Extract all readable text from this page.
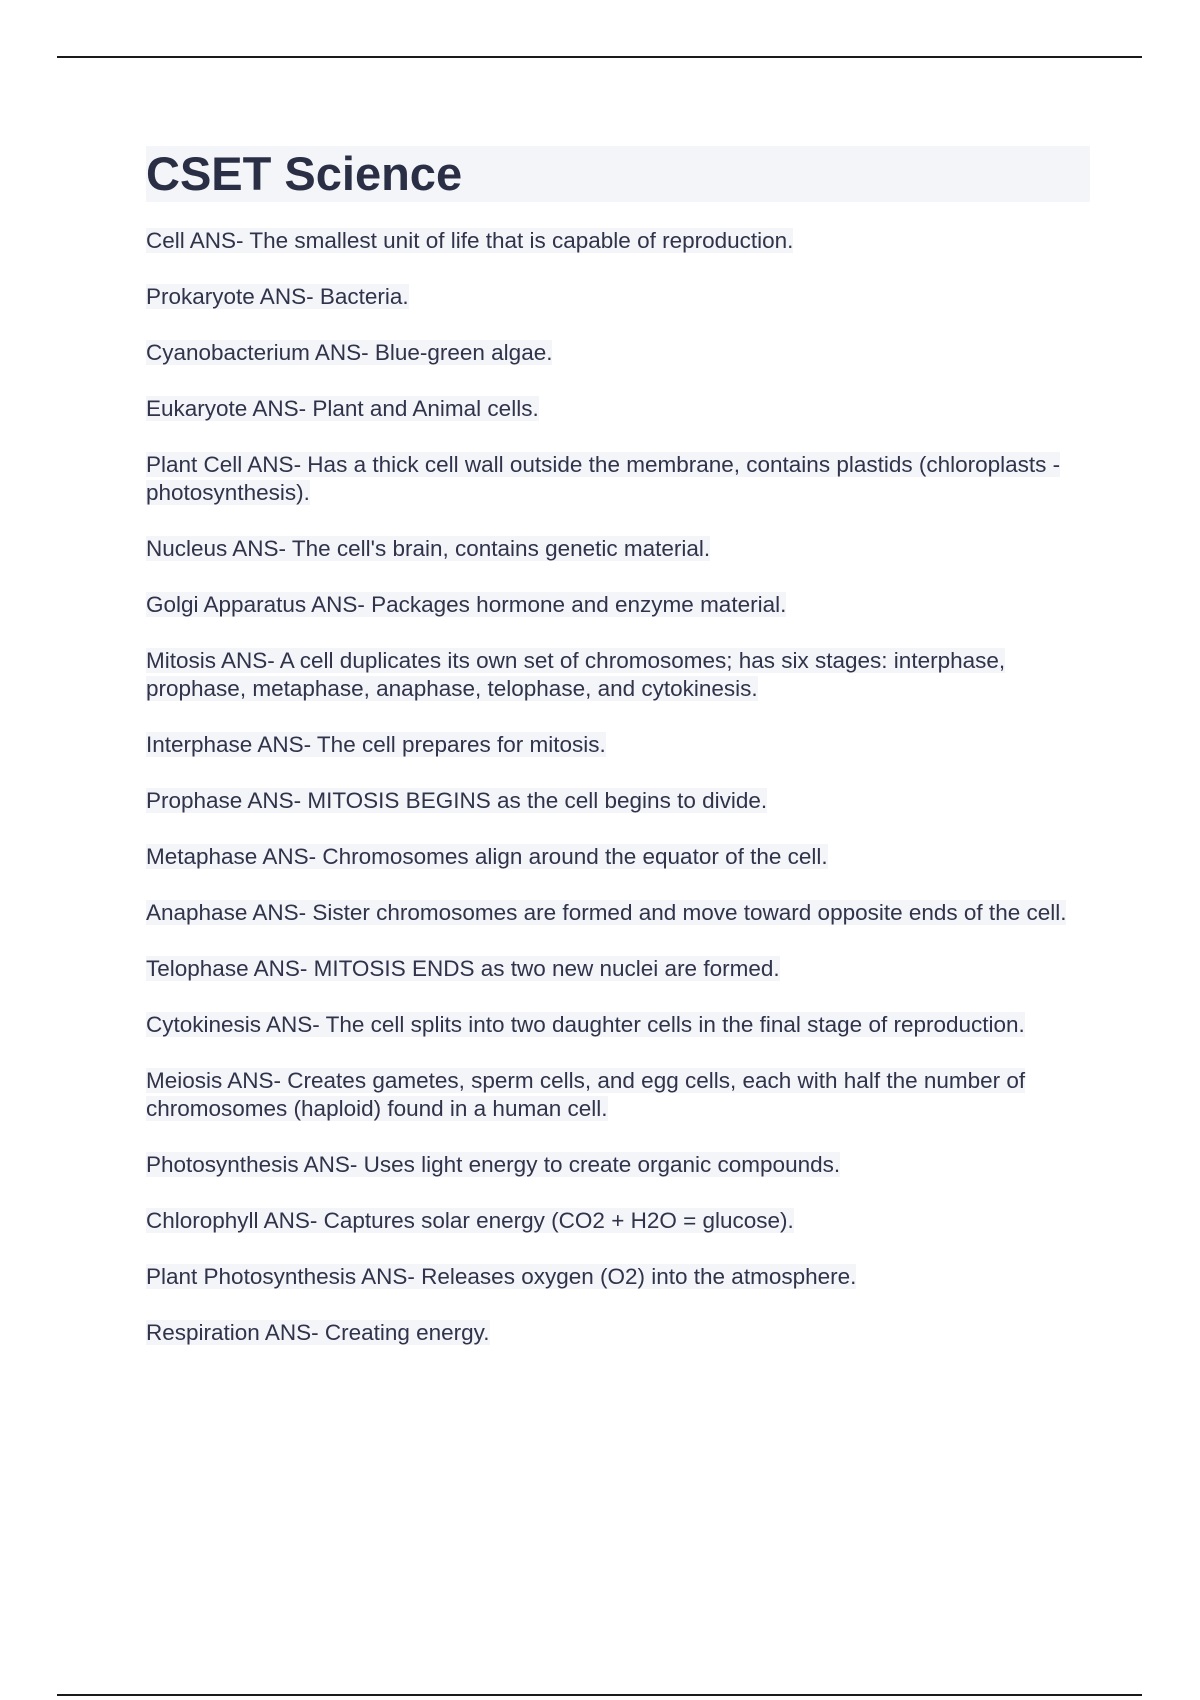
CSET Science

Cell ANS- The smallest unit of life that is capable of reproduction.

Prokaryote ANS- Bacteria.

Cyanobacterium ANS- Blue-green algae.

Eukaryote ANS- Plant and Animal cells.

Plant Cell ANS- Has a thick cell wall outside the membrane, contains plastids (chloroplasts - photosynthesis).

Nucleus ANS- The cell's brain, contains genetic material.

Golgi Apparatus ANS- Packages hormone and enzyme material.

Mitosis ANS- A cell duplicates its own set of chromosomes; has six stages: interphase, prophase, metaphase, anaphase, telophase, and cytokinesis.

Interphase ANS- The cell prepares for mitosis.

Prophase ANS- MITOSIS BEGINS as the cell begins to divide.

Metaphase ANS- Chromosomes align around the equator of the cell.

Anaphase ANS- Sister chromosomes are formed and move toward opposite ends of the cell.

Telophase ANS- MITOSIS ENDS as two new nuclei are formed.

Cytokinesis ANS- The cell splits into two daughter cells in the final stage of reproduction.

Meiosis ANS- Creates gametes, sperm cells, and egg cells, each with half the number of chromosomes (haploid) found in a human cell.

Photosynthesis ANS- Uses light energy to create organic compounds.

Chlorophyll ANS- Captures solar energy (CO2 + H2O = glucose).

Plant Photosynthesis ANS- Releases oxygen (O2) into the atmosphere.

Respiration ANS- Creating energy.
